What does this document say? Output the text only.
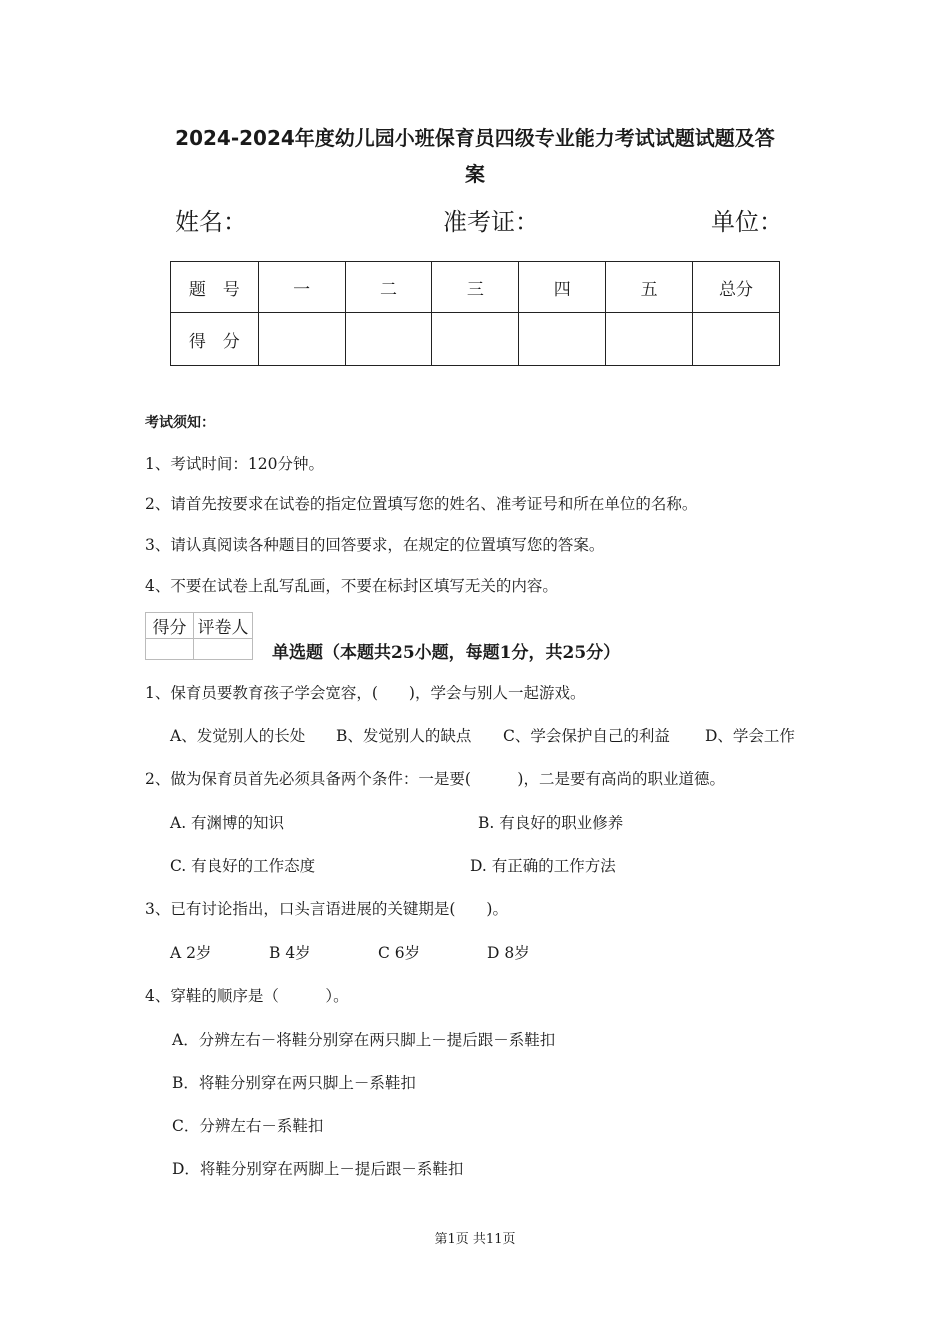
2024-2024年度幼儿园小班保育员四级专业能力考试试题试题及答
案
姓名：	准考证：	单位：
题　号	一	二	三	四	五	总分
得　分						
考试须知：
1、考试时间：120分钟。
2、请首先按要求在试卷的指定位置填写您的姓名、准考证号和所在单位的名称。
3、请认真阅读各种题目的回答要求，在规定的位置填写您的答案。
4、不要在试卷上乱写乱画，不要在标封区填写无关的内容。
得分	评卷人

单选题（本题共25小题，每题1分，共25分）
1、保育员要教育孩子学会宽容，(　　)，学会与别人一起游戏。
A、发觉别人的长处 B、发觉别人的缺点 C、学会保护自己的利益 D、学会工作
2、做为保育员首先必须具备两个条件：一是要(　　　)，二是要有高尚的职业道德。
A. 有渊博的知识	B. 有良好的职业修养
C. 有良好的工作态度	D. 有正确的工作方法
3、已有讨论指出，口头言语进展的关键期是(　　)。
A 2岁	B 4岁	C 6岁	D 8岁
4、穿鞋的顺序是（　　　）。
A．分辨左右－将鞋分别穿在两只脚上－提后跟－系鞋扣
B．将鞋分别穿在两只脚上－系鞋扣
C．分辨左右－系鞋扣
D．将鞋分别穿在两脚上－提后跟－系鞋扣
第1页 共11页
